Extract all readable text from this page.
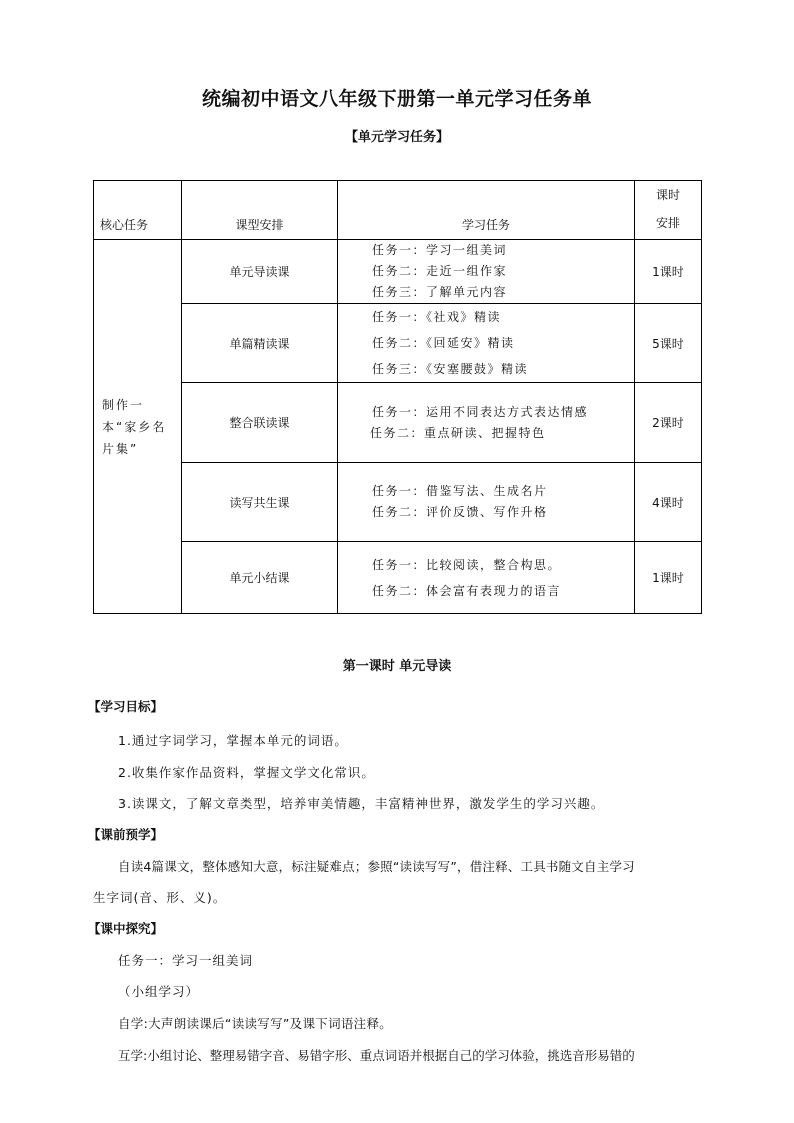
统编初中语文八年级下册第一单元学习任务单
【单元学习任务】
核心任务	课型安排	学习任务	课时
安排

制作一本“家乡名片集”	单元导读课	任务一：学习一组美词
任务二：走近一组作家
任务三：了解单元内容	1课时
	单篇精读课	任务一：《社戏》精读
任务二：《回延安》精读
任务三：《安塞腰鼓》精读	5课时
	整合联读课	任务一：运用不同表达方式表达情感
任务二：重点研读、把握特色	2课时
	读写共生课	任务一：借鉴写法、生成名片
任务二：评价反馈、写作升格	4课时
	单元小结课	任务一：比较阅读，整合构思。
任务二：体会富有表现力的语言	1课时
第一课时 单元导读
【学习目标】
1.通过字词学习，掌握本单元的词语。
2.收集作家作品资料，掌握文学文化常识。
3.读课文，了解文章类型，培养审美情趣，丰富精神世界，激发学生的学习兴趣。
【课前预学】
自读4篇课文，整体感知大意，标注疑难点；参照“读读写写”，借注释、工具书随文自主学习
生字词(音、形、义)。
【课中探究】
任务一：学习一组美词
（小组学习）
自学:大声朗读课后“读读写写”及课下词语注释。
互学:小组讨论、整理易错字音、易错字形、重点词语并根据自己的学习体验，挑选音形易错的
